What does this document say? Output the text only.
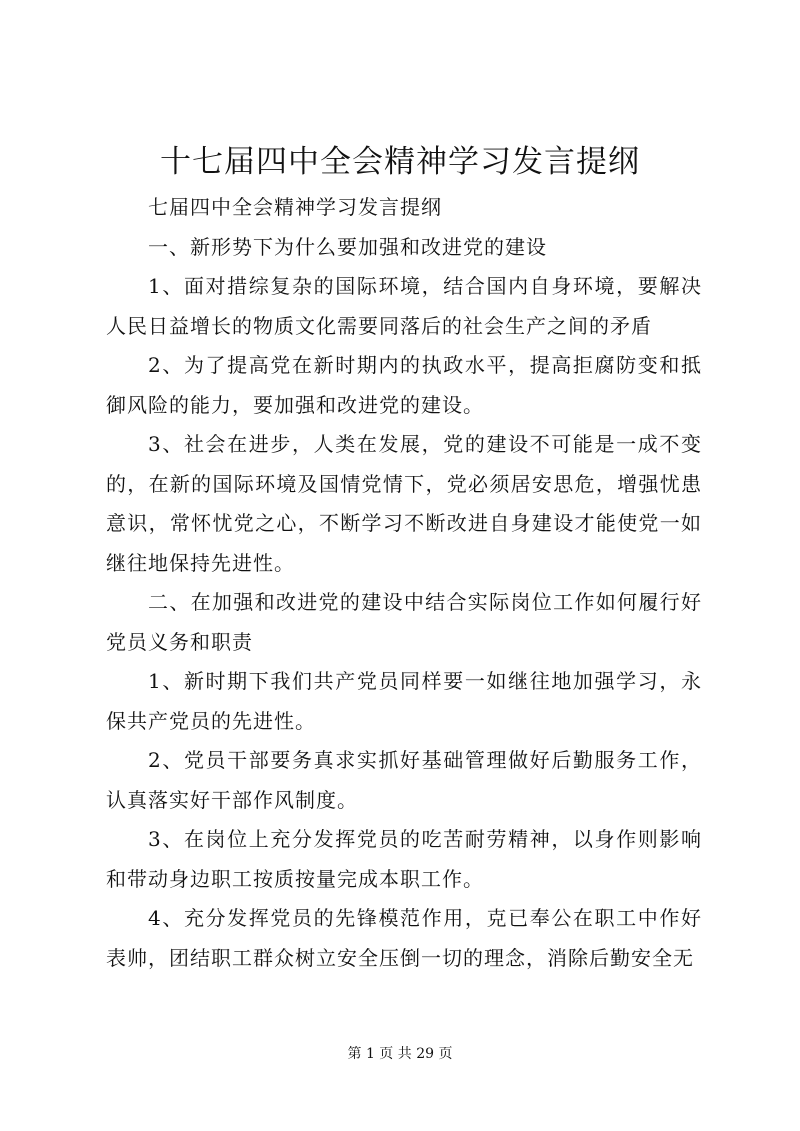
十七届四中全会精神学习发言提纲

七届四中全会精神学习发言提纲

一、新形势下为什么要加强和改进党的建设

1、面对措综复杂的国际环境，结合国内自身环境，要解决人民日益增长的物质文化需要同落后的社会生产之间的矛盾

2、为了提高党在新时期内的执政水平，提高拒腐防变和抵御风险的能力，要加强和改进党的建设。

3、社会在进步，人类在发展，党的建设不可能是一成不变的，在新的国际环境及国情党情下，党必须居安思危，增强忧患意识，常怀忧党之心，不断学习不断改进自身建设才能使党一如继往地保持先进性。

二、在加强和改进党的建设中结合实际岗位工作如何履行好党员义务和职责

1、新时期下我们共产党员同样要一如继往地加强学习，永保共产党员的先进性。

2、党员干部要务真求实抓好基础管理做好后勤服务工作，认真落实好干部作风制度。

3、在岗位上充分发挥党员的吃苦耐劳精神，以身作则影响和带动身边职工按质按量完成本职工作。

4、充分发挥党员的先锋模范作用，克已奉公在职工中作好表帅，团结职工群众树立安全压倒一切的理念，消除后勤安全无

第 1 页 共 29 页
